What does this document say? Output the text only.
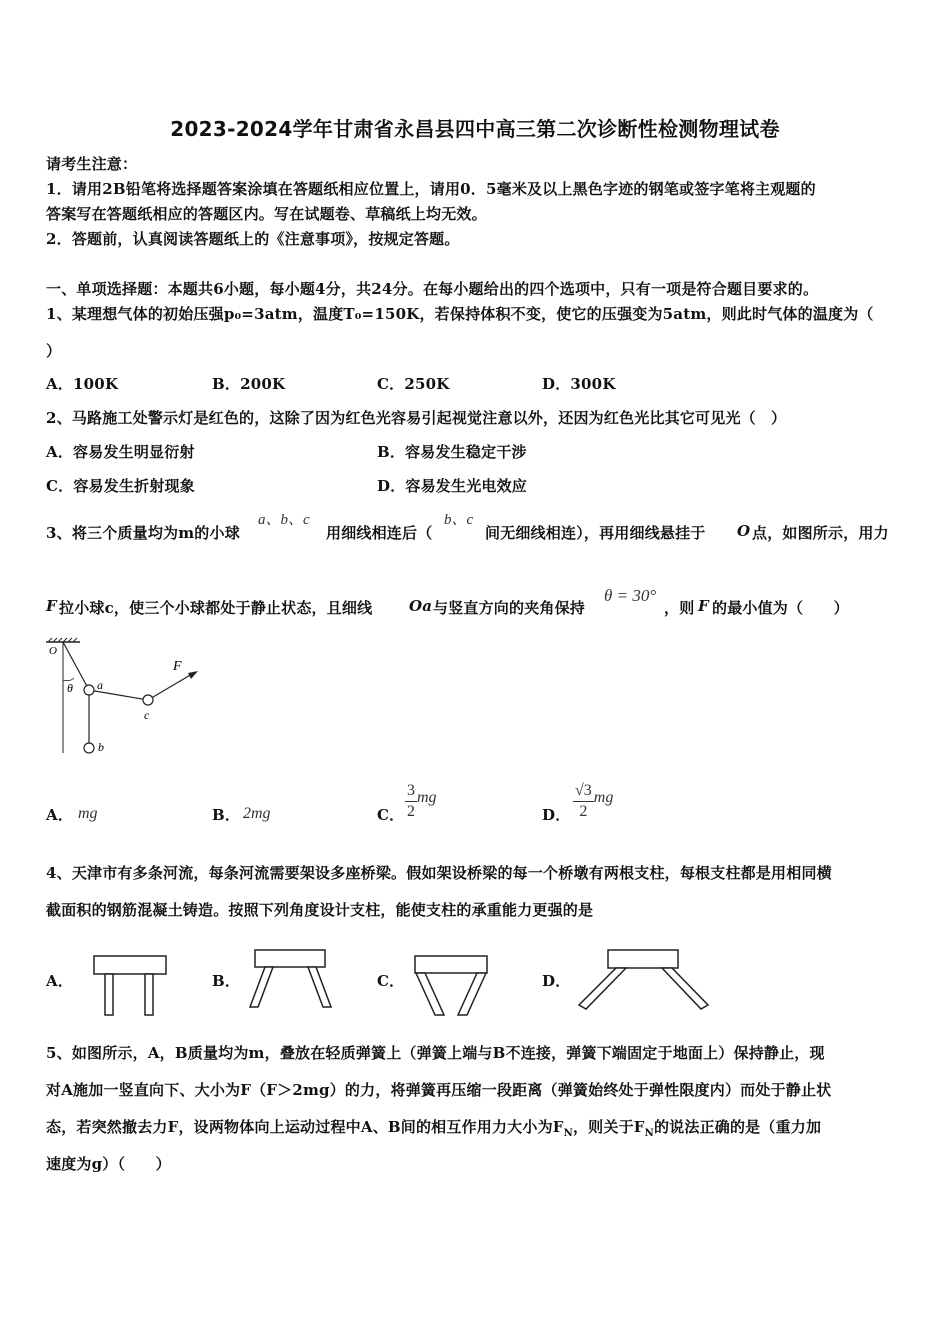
2023-2024学年甘肃省永昌县四中高三第二次诊断性检测物理试卷
请考生注意：
1．请用2B铅笔将选择题答案涂填在答题纸相应位置上，请用0．5毫米及以上黑色字迹的钢笔或签字笔将主观题的
答案写在答题纸相应的答题区内。写在试题卷、草稿纸上均无效。
2．答题前，认真阅读答题纸上的《注意事项》，按规定答题。
一、单项选择题：本题共6小题，每小题4分，共24分。在每小题给出的四个选项中，只有一项是符合题目要求的。
1、某理想气体的初始压强p₀=3atm，温度T₀=150K，若保持体积不变，使它的压强变为5atm，则此时气体的温度为（
）
A．100K	B．200K	C．250K	D．300K
2、马路施工处警示灯是红色的，这除了因为红色光容易引起视觉注意以外，还因为红色光比其它可见光（　）
A．容易发生明显衍射	B．容易发生稳定干涉
C．容易发生折射现象	D．容易发生光电效应
3、将三个质量均为m的小球
a、b、c
用细线相连后（
b、c
间无细线相连），再用细线悬挂于 O 点，如图所示，用力
F 拉小球c，使三个小球都处于静止状态，且细线 Oa 与竖直方向的夹角保持
θ = 30°
，则 F 的最小值为（　　）
O
θ a
c
b
F
A． mg	B． 2mg	C． $\frac{3}{2}$ mg
D． $\frac{√3}{2}$ mg
4、天津市有多条河流，每条河流需要架设多座桥梁。假如架设桥梁的每一个桥墩有两根支柱，每根支柱都是用相同横
截面积的钢筋混凝土铸造。按照下列角度设计支柱，能使支柱的承重能力更强的是
A．	B．	C．	D．
5、如图所示，A，B质量均为m，叠放在轻质弹簧上（弹簧上端与B不连接，弹簧下端固定于地面上）保持静止，现
对A施加一竖直向下、大小为F（F＞2mg）的力，将弹簧再压缩一段距离（弹簧始终处于弹性限度内）而处于静止状
态，若突然撤去力F，设两物体向上运动过程中A、B间的相互作用力大小为$F_N$，则关于$F_N$的说法正确的是（重力加
速度为g）（　　）
